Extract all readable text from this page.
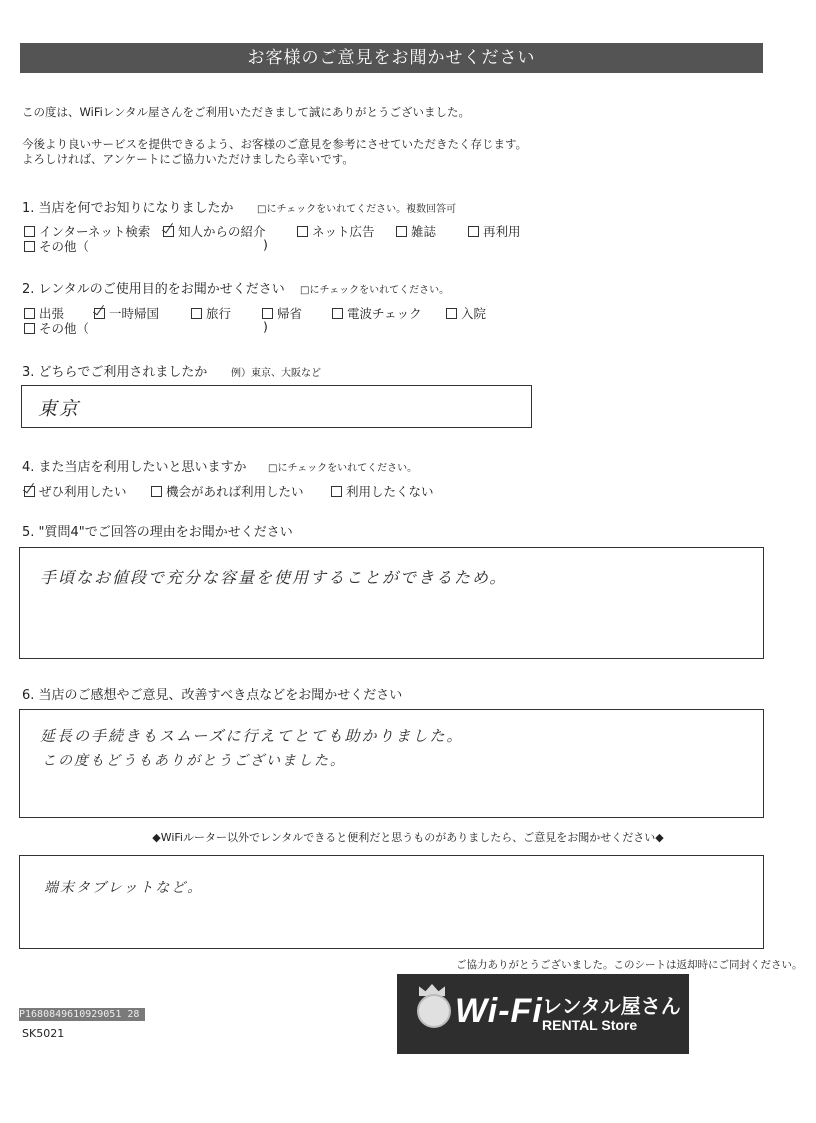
お客様のご意見をお聞かせください
この度は、WiFiレンタル屋さんをご利用いただきまして誠にありがとうございました。
今後より良いサービスを提供できるよう、お客様のご意見を参考にさせていただきたく存じます。
よろしければ、アンケートにご協力いただけましたら幸いです。
1. 当店を何でお知りになりましたか □にチェックをいれてください。複数回答可
インターネット検索 知人からの紹介	ネット広告	雑誌	再利用
その他（	)
2. レンタルのご使用目的をお聞かせください □にチェックをいれてください。
出張	一時帰国	旅行	帰省	電波チェック	入院
その他（	)
3. どちらでご利用されましたか 例）東京、大阪など
東京
4. また当店を利用したいと思いますか □にチェックをいれてください。
ぜひ利用したい	機会があれば利用したい	利用したくない
5. "質問4"でご回答の理由をお聞かせください
手頃なお値段で充分な容量を使用することができるため。
6. 当店のご感想やご意見、改善すべき点などをお聞かせください
延長の手続きもスムーズに行えてとても助かりました。
この度もどうもありがとうございました。
◆WiFiルーター以外でレンタルできると便利だと思うものがありましたら、ご意見をお聞かせください◆
端末タブレットなど。
ご協力ありがとうございました。このシートは返却時にご同封ください。
P1680849610929051 28
SK5021
Wi-Fi レンタル屋さん
RENTAL Store
